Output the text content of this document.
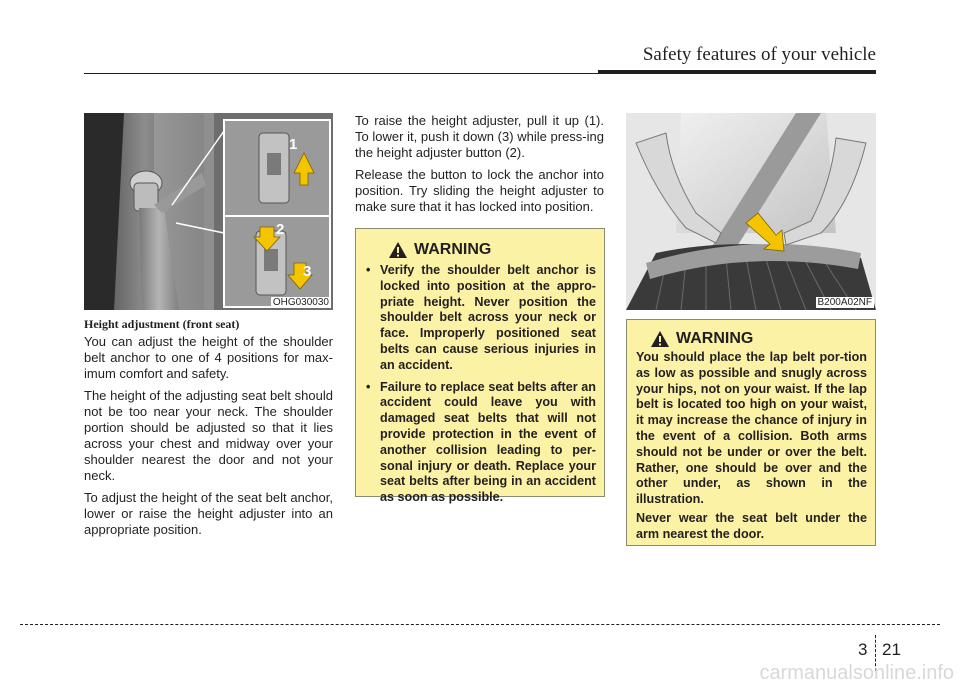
Safety features of your vehicle
1
2
3
OHG030030
Height adjustment (front seat)

You can adjust the height of the shoulder belt anchor to one of 4 positions for max-imum comfort and safety.

The height of the adjusting seat belt should not be too near your neck. The shoulder portion should be adjusted so that it lies across your chest and midway over your shoulder nearest the door and not your neck.

To adjust the height of the seat belt anchor, lower or raise the height adjuster into an appropriate position.

To raise the height adjuster, pull it up (1). To lower it, push it down (3) while press-ing the height adjuster button (2).

Release the button to lock the anchor into position. Try sliding the height adjuster to make sure that it has locked into position.

WARNING
• Verify the shoulder belt anchor is locked into position at the appro-priate height. Never position the shoulder belt across your neck or face. Improperly positioned seat belts can cause serious injuries in an accident.
• Failure to replace seat belts after an accident could leave you with damaged seat belts that will not provide protection in the event of another collision leading to per-sonal injury or death. Replace your seat belts after being in an accident as soon as possible.
B200A02NF
WARNING

You should place the lap belt por-tion as low as possible and snugly across your hips, not on your waist. If the lap belt is located too high on your waist, it may increase the chance of injury in the event of a collision. Both arms should not be under or over the belt. Rather, one should be over and the other under, as shown in the illustration.

Never wear the seat belt under the arm nearest the door.

3 21
carmanualsonline.info
